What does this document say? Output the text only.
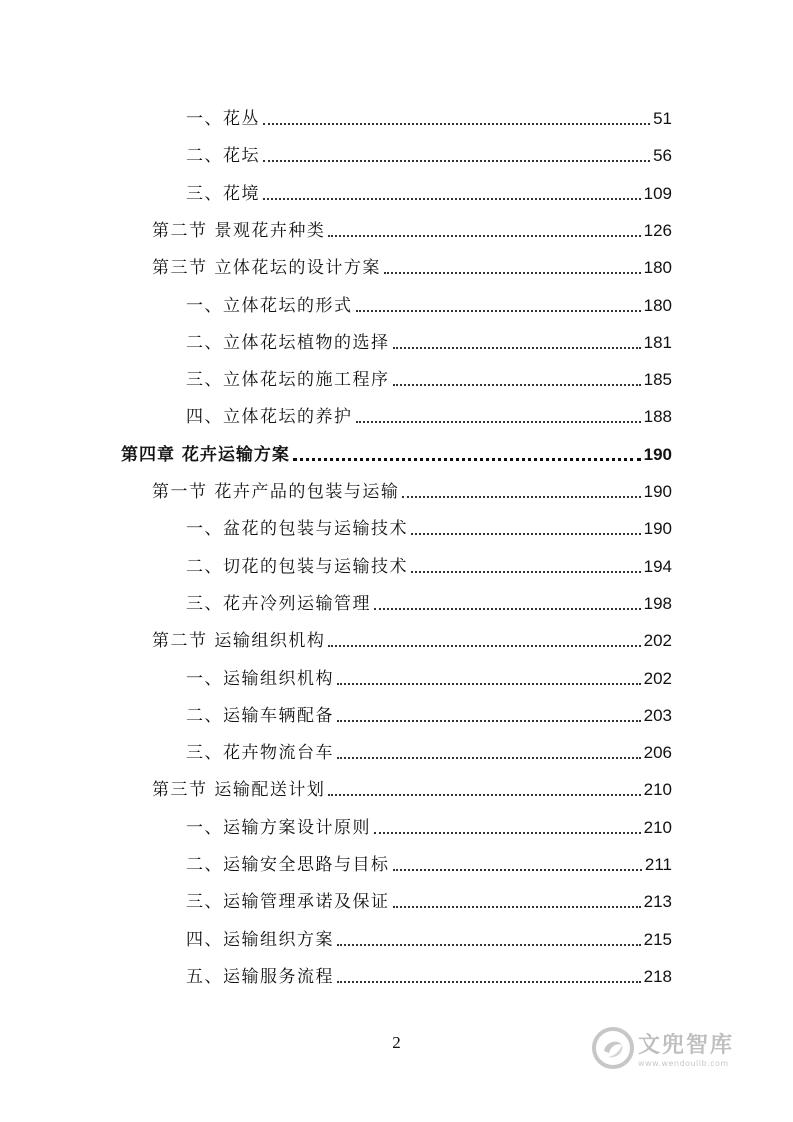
一、花丛	51
二、花坛	56
三、花境	109
第二节 景观花卉种类	126
第三节 立体花坛的设计方案	180
一、立体花坛的形式	180
二、立体花坛植物的选择	181
三、立体花坛的施工程序	185
四、立体花坛的养护	188
第四章 花卉运输方案	190
第一节 花卉产品的包装与运输	190
一、盆花的包装与运输技术	190
二、切花的包装与运输技术	194
三、花卉冷列运输管理	198
第二节 运输组织机构	202
一、运输组织机构	202
二、运输车辆配备	203
三、花卉物流台车	206
第三节 运输配送计划	210
一、运输方案设计原则	210
二、运输安全思路与目标	211
三、运输管理承诺及保证	213
四、运输组织方案	215
五、运输服务流程	218
2	文兜智库
www.wendoulib.com
